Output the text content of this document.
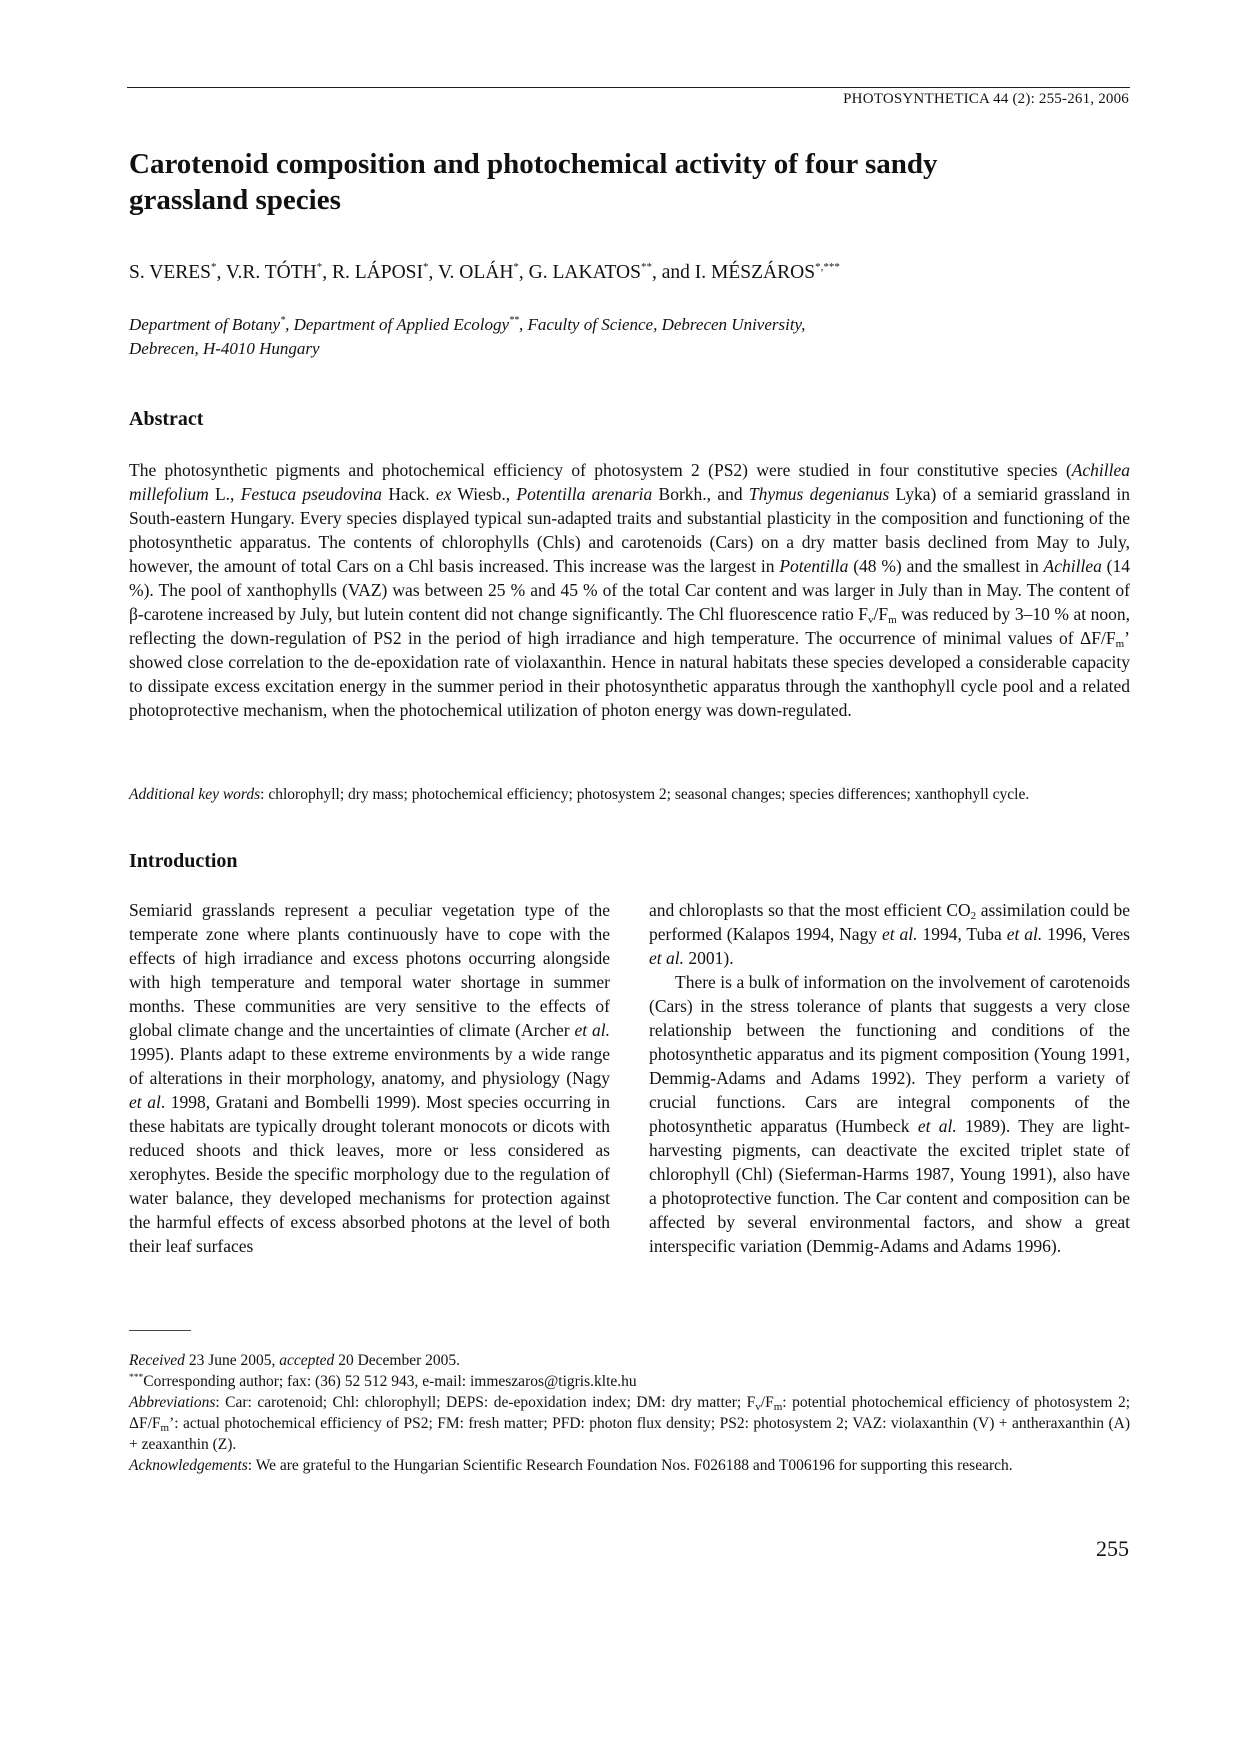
PHOTOSYNTHETICA 44 (2): 255-261, 2006
Carotenoid composition and photochemical activity of four sandy grassland species
S. VERES*, V.R. TÓTH*, R. LÁPOSI*, V. OLÁH*, G. LAKATOS**, and I. MÉSZÁROS*,***
Department of Botany*, Department of Applied Ecology**, Faculty of Science, Debrecen University,
Debrecen, H-4010 Hungary
Abstract
The photosynthetic pigments and photochemical efficiency of photosystem 2 (PS2) were studied in four constitutive species (Achillea millefolium L., Festuca pseudovina Hack. ex Wiesb., Potentilla arenaria Borkh., and Thymus degenianus Lyka) of a semiarid grassland in South-eastern Hungary. Every species displayed typical sun-adapted traits and substantial plasticity in the composition and functioning of the photosynthetic apparatus. The contents of chlorophylls (Chls) and carotenoids (Cars) on a dry matter basis declined from May to July, however, the amount of total Cars on a Chl basis increased. This increase was the largest in Potentilla (48 %) and the smallest in Achillea (14 %). The pool of xanthophylls (VAZ) was between 25 % and 45 % of the total Car content and was larger in July than in May. The content of β-carotene increased by July, but lutein content did not change significantly. The Chl fluorescence ratio $F_v/F_m$ was reduced by 3–10 % at noon, reflecting the down-regulation of PS2 in the period of high irradiance and high temperature. The occurrence of minimal values of $\Delta F/F_m$’ showed close correlation to the de-epoxidation rate of violaxanthin. Hence in natural habitats these species developed a considerable capacity to dissipate excess excitation energy in the summer period in their photosynthetic apparatus through the xanthophyll cycle pool and a related photoprotective mechanism, when the photochemical utilization of photon energy was down-regulated.
Additional key words: chlorophyll; dry mass; photochemical efficiency; photosystem 2; seasonal changes; species differences; xanthophyll cycle.
Introduction

Semiarid grasslands represent a peculiar vegetation type of the temperate zone where plants continuously have to cope with the effects of high irradiance and excess photons occurring alongside with high temperature and temporal water shortage in summer months. These communities are very sensitive to the effects of global climate change and the uncertainties of climate (Archer et al. 1995). Plants adapt to these extreme environments by a wide range of alterations in their morphology, anatomy, and physiology (Nagy et al. 1998, Gratani and Bombelli 1999). Most species occurring in these habitats are typically drought tolerant monocots or dicots with reduced shoots and thick leaves, more or less considered as xerophytes. Beside the specific morphology due to the regulation of water balance, they developed mechanisms for protection against the harmful effects of excess absorbed photons at the level of both their leaf surfaces

and chloroplasts so that the most efficient $CO_2$ assimilation could be performed (Kalapos 1994, Nagy et al. 1994, Tuba et al. 1996, Veres et al. 2001).

There is a bulk of information on the involvement of carotenoids (Cars) in the stress tolerance of plants that suggests a very close relationship between the functioning and conditions of the photosynthetic apparatus and its pigment composition (Young 1991, Demmig-Adams and Adams 1992). They perform a variety of crucial functions. Cars are integral components of the photosynthetic apparatus (Humbeck et al. 1989). They are light-harvesting pigments, can deactivate the excited triplet state of chlorophyll (Chl) (Sieferman-Harms 1987, Young 1991), also have a photoprotective function. The Car content and composition can be affected by several environmental factors, and show a great interspecific variation (Demmig-Adams and Adams 1996).

Received 23 June 2005, accepted 20 December 2005.

***Corresponding author; fax: (36) 52 512 943, e-mail: immeszaros@tigris.klte.hu

Abbreviations: Car: carotenoid; Chl: chlorophyll; DEPS: de-epoxidation index; DM: dry matter; $F_v/F_m$: potential photochemical efficiency of photosystem 2; $\Delta F/F_m$’: actual photochemical efficiency of PS2; FM: fresh matter; PFD: photon flux density; PS2: photosystem 2; VAZ: violaxanthin (V) + antheraxanthin (A) + zeaxanthin (Z).

Acknowledgements: We are grateful to the Hungarian Scientific Research Foundation Nos. F026188 and T006196 for supporting this research.

255
